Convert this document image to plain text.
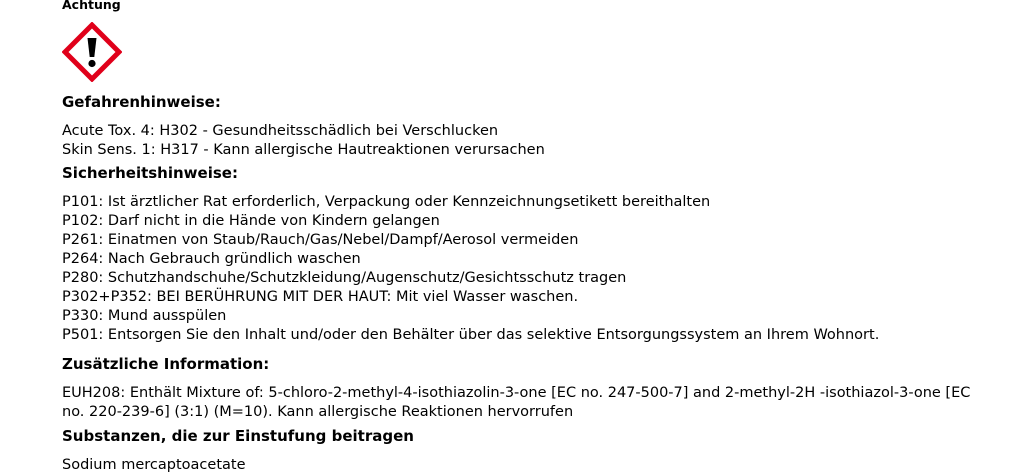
Achtung
Gefahrenhinweise:
Acute Tox. 4: H302 - Gesundheitsschädlich bei Verschlucken
Skin Sens. 1: H317 - Kann allergische Hautreaktionen verursachen
Sicherheitshinweise:
P101: Ist ärztlicher Rat erforderlich, Verpackung oder Kennzeichnungsetikett bereithalten
P102: Darf nicht in die Hände von Kindern gelangen
P261: Einatmen von Staub/Rauch/Gas/Nebel/Dampf/Aerosol vermeiden
P264: Nach Gebrauch gründlich waschen
P280: Schutzhandschuhe/Schutzkleidung/Augenschutz/Gesichtsschutz tragen
P302+P352: BEI BERÜHRUNG MIT DER HAUT: Mit viel Wasser waschen.
P330: Mund ausspülen
P501: Entsorgen Sie den Inhalt und/oder den Behälter über das selektive Entsorgungssystem an Ihrem Wohnort.
Zusätzliche Information:
EUH208: Enthält Mixture of: 5-chloro-2-methyl-4-isothiazolin-3-one [EC no. 247-500-7] and 2-methyl-2H -isothiazol-3-one [EC no. 220-239-6] (3:1) (M=10). Kann allergische Reaktionen hervorrufen
Substanzen, die zur Einstufung beitragen
Sodium mercaptoacetate
